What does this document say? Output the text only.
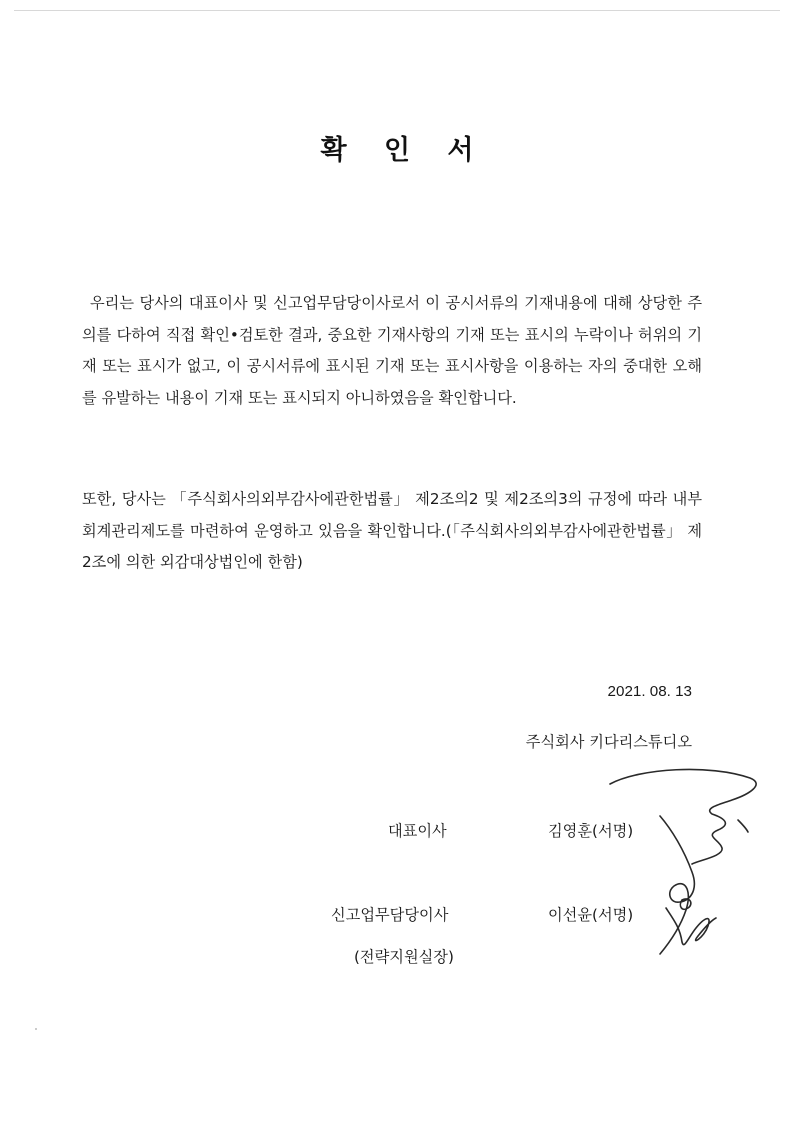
확 인 서

우리는 당사의 대표이사 및 신고업무담당이사로서 이 공시서류의 기재내용에 대해 상당한 주의를 다하여 직접 확인•검토한 결과, 중요한 기재사항의 기재 또는 표시의 누락이나 허위의 기재 또는 표시가 없고, 이 공시서류에 표시된 기재 또는 표시사항을 이용하는 자의 중대한 오해를 유발하는 내용이 기재 또는 표시되지 아니하였음을 확인합니다.

또한, 당사는 「주식회사의외부감사에관한법률」 제2조의2 및 제2조의3의 규정에 따라 내부회계관리제도를 마련하여 운영하고 있음을 확인합니다.(「주식회사의외부감사에관한법률」 제2조에 의한 외감대상법인에 한함)

2021. 08. 13
주식회사 키다리스튜디오
대표이사	김영훈(서명)
신고업무담당이사	이선윤(서명)
(전략지원실장)
